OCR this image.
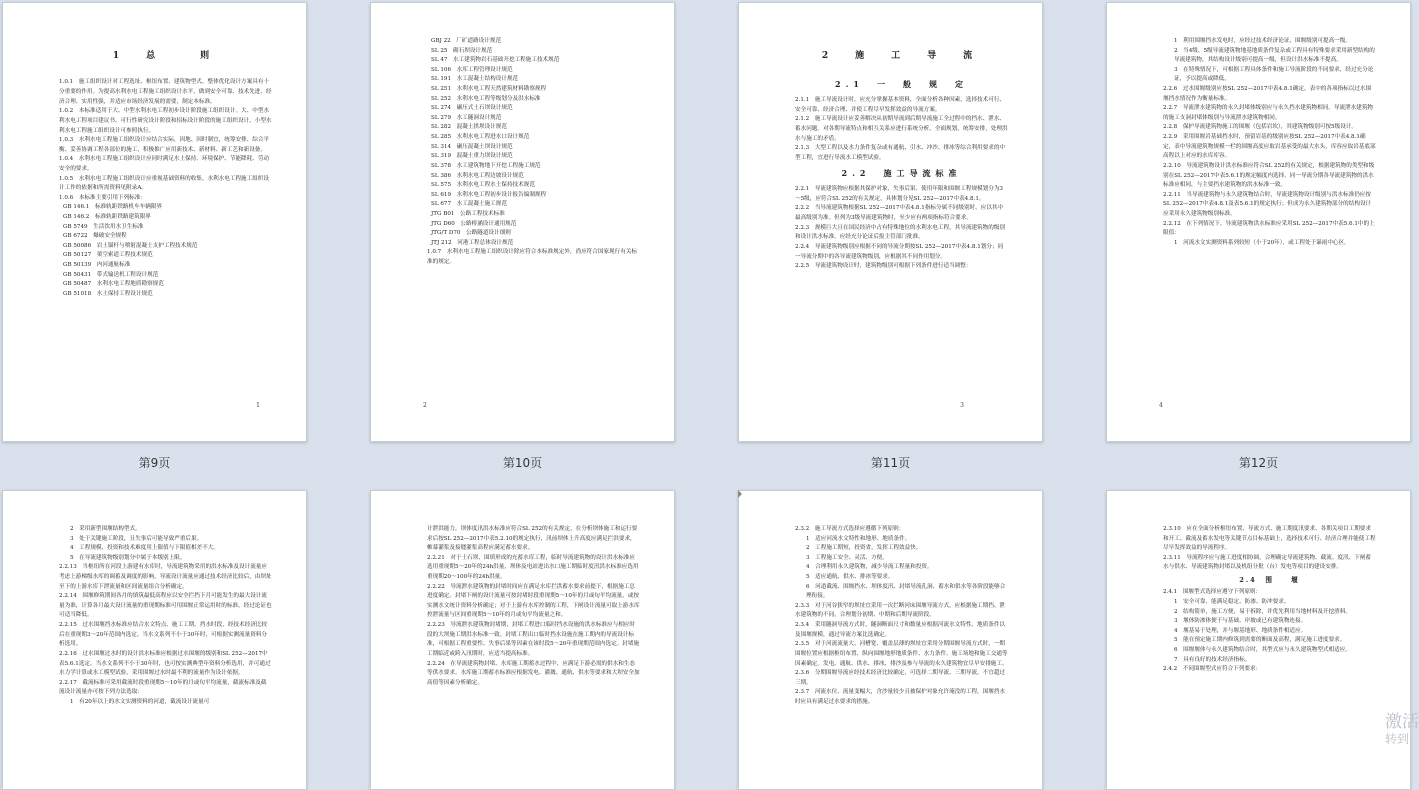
1　总　　则

1.0.1　施工组织设计对工程选址、枢纽布置、建筑物型式、整体优化设计方案具有十分重要的作用。为提高水利水电工程施工组织设计水平，做到安全可靠、技术先进、经济合理、实用性强，并适应市场经济发展的需要，制定本标准。

1.0.2　本标准适用于大、中型水利水电工程初步设计阶段施工组织设计。大、中型水利水电工程项目建议书、可行性研究设计阶段和招标设计阶段的施工组织设计，小型水利水电工程施工组织设计可参照执行。

1.0.3　水利水电工程施工组织设计应结合实际，因地、因时制宜，统筹安排、综合平衡、妥善协调工程各部位的施工，积极推广应用新技术、新材料、新工艺和新设备。

1.0.4　水利水电工程施工组织设计应同时满足水土保持、环境保护、节能降耗、劳动安全的要求。

1.0.5　水利水电工程施工组织设计应重视基础资料的收集。水利水电工程施工组织设计工作的依据和所需资料见附录A。

1.0.6　本标准主要引用下列标准：

GB 146.1　标准轨距铁路机车车辆限界

GB 146.2　标准轨距铁路建筑限界

GB 5749　生活饮用水卫生标准

GB 6722　爆破安全规程

GB 50086　岩土锚杆与喷射混凝土支护工程技术规范

GB 50127　架空索道工程技术规范

GB 50139　内河通航标准

GB 50431　带式输送机工程设计规范

GB 50487　水利水电工程地质勘察规范

GB 51018　水土保持工程设计规范

1
第9页

GBJ 22　厂矿道路设计规范

SL 25　砌石坝设计规范

SL 47　水工建筑物岩石基础开挖工程施工技术规范

SL 106　水库工程管理设计规范

SL 191　水工混凝土结构设计规范

SL 251　水利水电工程天然建筑材料勘察规程

SL 252　水利水电工程等级划分及洪水标准

SL 274　碾压式土石坝设计规范

SL 279　水工隧洞设计规范

SL 282　混凝土拱坝设计规范

SL 285　水利水电工程进水口设计规范

SL 314　碾压混凝土坝设计规范

SL 319　混凝土重力坝设计规范

SL 378　水工建筑物地下开挖工程施工规范

SL 386　水利水电工程边坡设计规范

SL 575　水利水电工程水土保持技术规范

SL 619　水利水电工程初步设计报告编制规程

SL 677　水工混凝土施工规范

JTG B01　公路工程技术标准

JTG D60　公路桥涵设计通用规范

JTG/T D70　公路隧道设计细则

JTJ 212　河港工程总体设计规范

1.0.7　水利水电工程施工组织设计除应符合本标准规定外，尚应符合国家现行有关标准的规定。

2
第10页

2　施　工　导　流

2.1　一　般　规　定

2.1.1　施工导流设计时，应充分掌握基本资料，全面分析各种因素，选择技术可行、安全可靠、经济合理、并使工程尽早发挥效益的导流方案。

2.1.2　施工导流设计应妥善解决从初期导流到后期导流施工全过程中的挡水、泄水、蓄水问题。对各期导流特点和相互关系应进行系统分析，全面规划，统筹安排，处理洪水与施工的矛盾。

2.1.3　大型工程以及水力条件复杂或有通航、引水、冲沙、排冰等综合利用要求的中型工程，宜进行导流水工模型试验。

2.2　施工导流标准

2.2.1　导流建筑物应根据其保护对象、失事后果、使用年限和围堰工程规模划分为3～5级，应符合SL 252的有关规定，具体划分见SL 252—2017中表4.8.1。

2.2.2　当导流建筑物根据SL 252—2017中表4.8.1指标分属不同级别时，应以其中最高级别为准。但列为3级导流建筑物时，至少应有两项指标符合要求。

2.2.3　规模巨大且在国民经济中占有特殊地位的水利水电工程，其导流建筑物的级别和设计洪水标准，应经充分论证后报主管部门批准。

2.2.4　导流建筑物级别应根据不同的导流分期按SL 252—2017中表4.8.1划分；同一导流分期中的各导流建筑物级别，应根据其不同作用划分。

2.2.5　导流建筑物设计时，建筑物级别可根据下列条件进行适当调整：

3
第11页

1　利用围堰挡水发电时，应经过技术经济论证，围堰级别可提高一级。

2　当4级、5级导流建筑物地基地质条件复杂或工程具有特殊要求采用新型结构的导流建筑物，其结构设计级别可提高一级，但设计洪水标准不提高。

3　在特殊情况下，可根据工程具体条件和施工导流阶段的不同要求，经过充分论证，予以提高或降低。

2.2.6　过水围堰级别应按SL 252—2017中表4.8.1确定，表中的各项指标以过水围堰挡水情况作为衡量标准。

2.2.7　导流泄水建筑物的永久封堵体级别应与永久挡水建筑物相同。导流泄水建筑物的施工支洞封堵体级别与导流泄水建筑物相同。

2.2.8　保护导流建筑物施工的围堰（包括岩坎），其建筑物级别可按5级设计。

2.2.9　采用围堰岩基础挡水时，预留岩基的级别应按SL 252—2017中表4.8.1确定，表中导流建筑物规模一栏的围堰高度应取岩基承受的最大水头，库容应取岩基底部高程以上对应的水库库容。

2.2.10　导流建筑物设计洪水标准应符合SL 252的有关规定，根据建筑物的类型和级别在SL 252—2017中表5.6.1的规定幅度内选择。同一导流分期各导流建筑物的洪水标准应相同，与主要挡水建筑物的洪水标准一致。

2.2.11　当导流建筑物与永久建筑物结合时，导流建筑物设计级别与洪水标准仍应按SL 252—2017中表4.8.1及表5.6.1的规定执行；但成为永久建筑物部分的结构设计应采用永久建筑物级别标准。

2.2.12　在下列情况下，导流建筑物洪水标准应采用SL 252—2017中表5.6.1中的上限值：

1　河流水文实测资料系列较短（小于20年），或工程处于暴雨中心区。

4
第12页

2　采用新型围堰结构型式。

3　处于关键施工阶段，且失事后可能导致严重后果。

4　工程规模、投资和技术难度用上限值与下限值相差不大。

5　在导流建筑物级别划分中属于本级别上限。

2.2.13　当枢纽所在河段上游建有水库时，导流建筑物采用的洪水标准及设计流量应考虑上游梯级水库的调蓄及调度的影响，导流设计流量应通过技术经济比较后，由坝址至下的上游水库下泄流量和区间流量组合分析确定。

2.2.14　围堰修筑期间各月的填筑最低高程应以安全拦挡下月可能发生的最大设计流量为准，计算各月最大设计流量的重现期标准可用围堰正常运用时的标准，经过论证也可适当降低。

2.2.15　过水围堰挡水标准应结合水文特点、施工工期、挡水时段，经技术经济比较后在重现期3～20年范围内选定。当水文系列不小于30年时，可根据实测流量资料分析选用。

2.2.16　过水围堰过水时的设计洪水标准应根据过水围堰的级别和SL 252—2017中表5.6.1选定。当水文系列不小于30年时，也可按实测典型年资料分析选用，并可通过水力学计算或水工模型试验，采用围堰过水时最不利的流量作为设计依据。

2.2.17　截流标准可采用截流时段重现期5～10年的月或旬平均流量，截流标准及截流设计流量亦可按下列方法选取：

1　有20年以上的水文实测资料的河道，截流设计流量可

计泄洪能力，坝体度汛洪水标准应符合SL 252的有关规定，在分析坝体施工和运行要求后按SL 252—2017中表5.2.10的规定执行，汛前坝体上升高度应满足拦洪要求，帷幕灌浆及接缝灌浆高程应满足蓄水要求。

2.2.21　对于土石坝、围填形成的充蓄水库工程，临时导流建筑物的设计洪水标准应选用重现期5～20年的24h洪量，坝体及电站进出水口施工期临时度汛洪水标准应选用重现期20～100年的24h洪量。

2.2.22　导流泄水建筑物的封堵时间应在满足水库拦洪蓄水要求前提下，根据施工总进度确定。封堵下闸的设计流量可按封堵时段重现期5～10年的月或旬平均流量，或按实测水文统计资料分析确定；对于上游有水库控制的工程，下闸设计流量可取上游水库控泄流量与区间重现期5～10年的月或旬平均流量之和。

2.2.23　导流泄水建筑物封堵期，封堵工程进口临时挡水设施的洪水标准应与相应时段的大坝施工期洪水标准一致。封堵工程出口临时挡水设施在施工期内的导流设计标准，可根据工程重要性、失事后果等因素在该时段5～20年重现期范围内选定。封堵施工期临近或跨入汛期时，应适当提高标准。

2.2.24　在导流建筑物封堵、水库施工期蓄水过程中，应满足下游必需的供水和生态等供水要求。水库施工期蓄水标准应根据发电、灌溉、通航、供水等要求和大坝安全加高值等因素分析确定。

2.3.2　施工导流方式选择应遵循下列原则：

1　适应河流水文特性和地形、地质条件。

2　工程施工期短，投资省，发挥工程效益快。

3　工程施工安全、灵活、方便。

4　合理利用永久建筑物，减少导流工程量和投资。

5　适应通航、供水、排冰等要求。

6　河道截流、围堰挡水、坝体度汛、封堵导流孔洞、蓄水和供水等各阶段能够合理衔接。

2.3.3　对于河谷狭窄的坝址宜采用一次拦断河床围堰导流方式，应根据施工期挡、泄水建筑物的不同，合理划分初期、中期和后期导流阶段。

2.3.4　采用隧洞导流方式时，隧洞断面尺寸和数量应根据河流水文特性、地质条件以及围堰规模，通过导流方案比选确定。

2.3.5　对于河流流量大、河槽宽、覆盖层薄的坝址宜采用分期围堰导流方式时，一期围堰位置应根据枢纽布置、纵向围堰地形地质条件、水力条件、施工场地和施工交通等因素确定。发电、通航、供水、排冰、排沙及参与导流的永久建筑物宜尽早安排施工。

2.3.6　分期围堰导流应经技术经济比较确定，可选择二期导流、三期导流，不宜超过三期。

2.3.7　河流水位、流量变幅大，含沙量较少且被保护对象允许淹没的工程，围堰挡水时应具有满足过水要求的措施。

2.3.10　应在全面分析枢纽布置、导流方式、施工期度汛要求、各期关项目工期要求和开工、截流及蓄水发电等关键节点目标基础上，选择技术可行、经济合理并能使工程尽早发挥效益的导流程序。

2.3.11　导流程序应与施工进度相协调，合理确定导流建筑物、截流、度汛、下闸蓄水与供水、导流建筑物封堵以及机组分批（台）发电等项目的建设安排。

2.4　围　　堰

2.4.1　围堰型式选择应遵守下列原则：

1　安全可靠，能满足稳定、防渗、防冲要求。

2　结构简单，施工方便，易于拆除，并优先利用当地材料及开挖渣料。

3　堰体防渗体便于与基础、岸坡或已有建筑物连接。

4　堰基易于处理，并与堰基地形、地质条件相适应。

5　能在预定施工期内修筑到需要的断面及高程，满足施工进度要求。

6　围堰堰体与永久建筑物结合时，其型式应与永久建筑物型式相适应。

7　具有良好的技术经济指标。

2.4.2　不同围堰型式应符合下列要求：

激活
转到
